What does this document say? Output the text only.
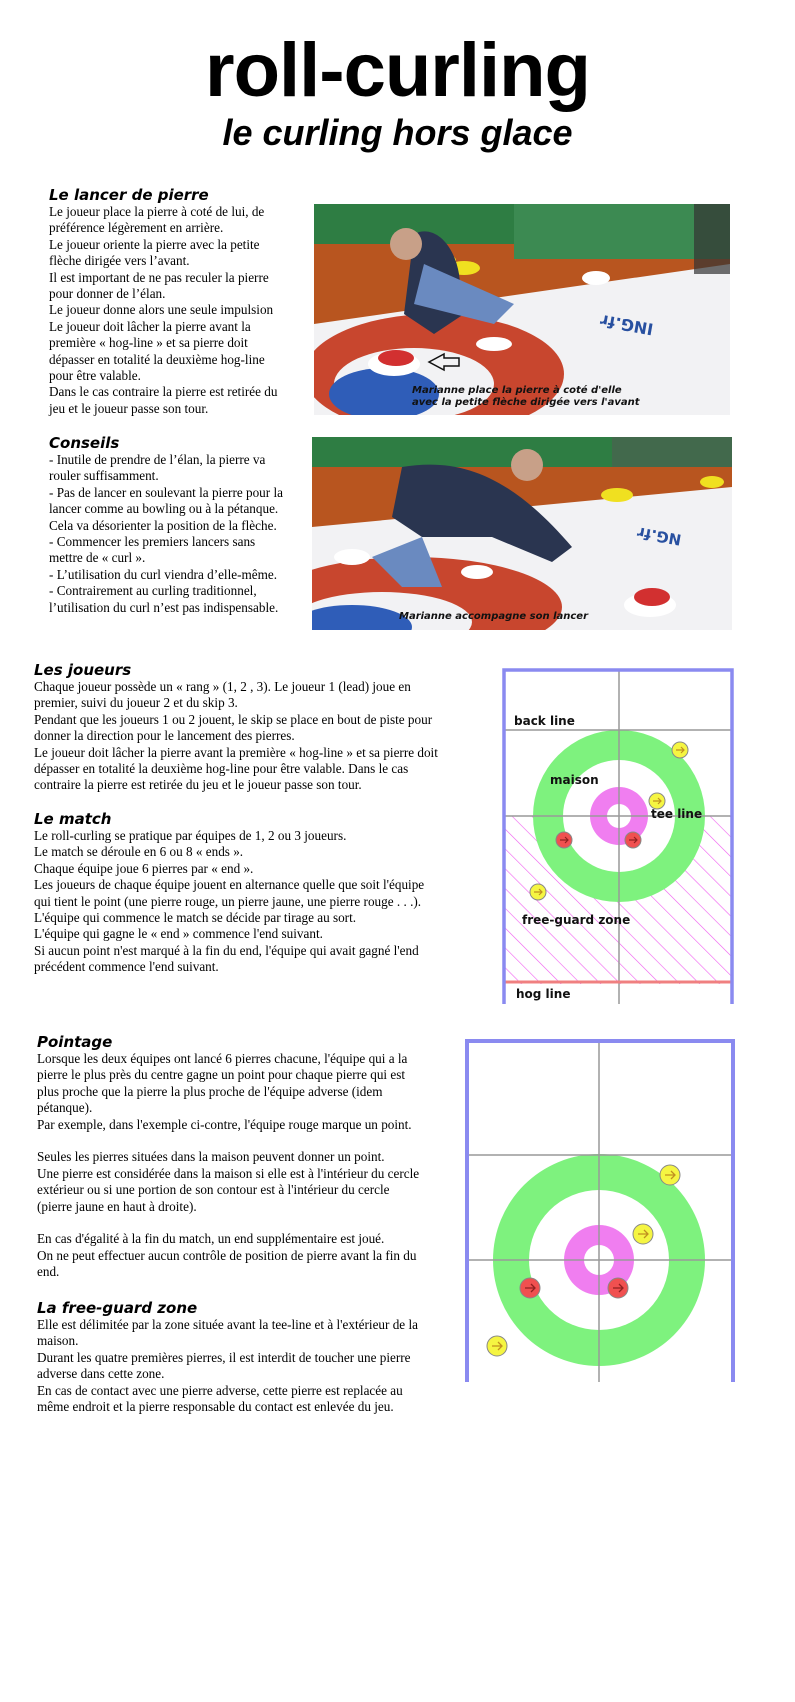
roll-curling
le curling hors glace
Le lancer de pierre
Le joueur place la pierre à coté de lui, de
préférence légèrement en arrière.
Le joueur oriente la pierre avec la petite
flèche dirigée vers l’avant.
Il est important de ne pas reculer la pierre
pour donner de l’élan.
Le joueur donne alors une seule impulsion
Le joueur doit lâcher la pierre avant la
première « hog-line » et sa pierre doit
dépasser en totalité la deuxième hog-line
pour être valable.
Dans le cas contraire la pierre est retirée du
jeu et le joueur passe son tour.
ING.fr
Marianne place la pierre à coté d'elle
avec la petite flèche dirigée vers l'avant
Conseils
- Inutile de prendre de l’élan, la pierre va
rouler suffisamment.
- Pas de lancer en soulevant la pierre pour la
lancer comme au bowling ou à la pétanque.
Cela va désorienter la position de la flèche.
- Commencer les premiers lancers sans
mettre de « curl ».
- L’utilisation du curl viendra d’elle-même.
- Contrairement au curling traditionnel,
l’utilisation du curl n’est pas indispensable.
NG.fr
Marianne accompagne son lancer
Les joueurs
Chaque joueur possède un « rang » (1, 2 , 3). Le joueur 1 (lead) joue en
premier, suivi du joueur 2 et du skip 3.
Pendant que les joueurs 1 ou 2 jouent, le skip se place en bout de piste pour
donner la direction pour le lancement des pierres.
Le joueur doit lâcher la pierre avant la première « hog-line » et sa pierre doit
dépasser en totalité la deuxième hog-line pour être valable. Dans le cas
contraire la pierre est retirée du jeu et le joueur passe son tour.
Le match
Le roll-curling se pratique par équipes de 1, 2 ou 3 joueurs.
Le match se déroule en 6 ou 8 « ends ».
Chaque équipe joue 6 pierres par « end ».
Les joueurs de chaque équipe jouent en alternance quelle que soit l'équipe
qui tient le point (une pierre rouge, un pierre jaune, une pierre rouge . . .).
L'équipe qui commence le match se décide par tirage au sort.
L'équipe qui gagne le « end » commence l'end suivant.
Si aucun point n'est marqué à la fin du end, l'équipe qui avait gagné l'end
précédent commence l'end suivant.
back line
maison
tee line
free-guard zone
hog line
Pointage
Lorsque les deux équipes ont lancé 6 pierres chacune, l'équipe qui a la
pierre le plus près du centre gagne un point pour chaque pierre qui est
plus proche que la pierre la plus proche de l'équipe adverse (idem
pétanque).
Par exemple, dans l'exemple ci-contre, l'équipe rouge marque un point.

Seules les pierres situées dans la maison peuvent donner un point.
Une pierre est considérée dans la maison si elle est à l'intérieur du cercle
extérieur ou si une portion de son contour est à l'intérieur du cercle
(pierre jaune en haut à droite).

En cas d'égalité à la fin du match, un end supplémentaire est joué.
On ne peut effectuer aucun contrôle de position de pierre avant la fin du
end.
La free-guard zone
Elle est délimitée par la zone située avant la tee-line et à l'extérieur de la
maison.
Durant les quatre premières pierres, il est interdit de toucher une pierre
adverse dans cette zone.
En cas de contact avec une pierre adverse, cette pierre est replacée au
même endroit et la pierre responsable du contact est enlevée du jeu.
